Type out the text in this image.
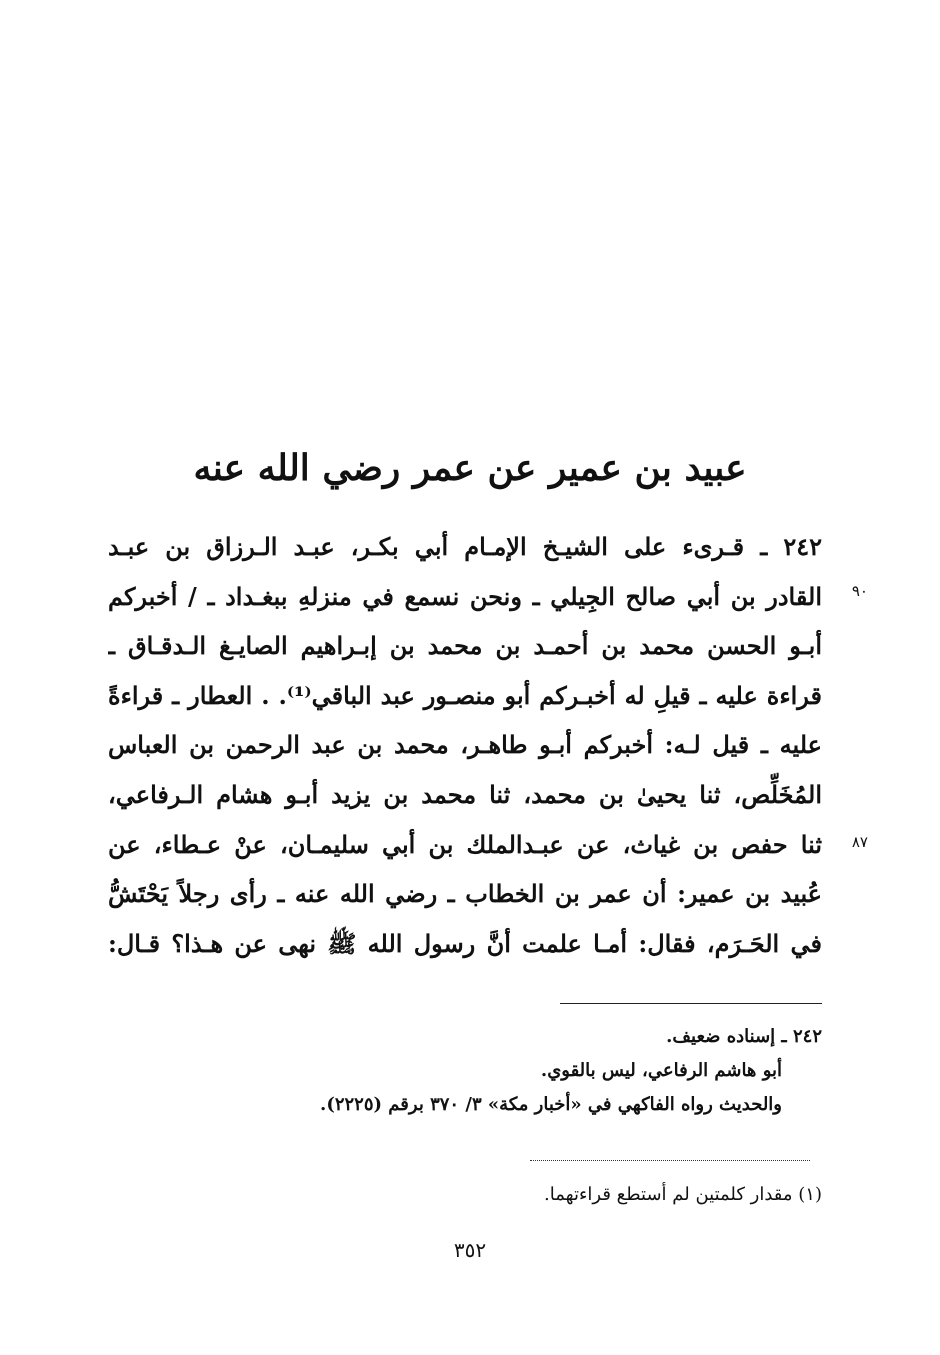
عبيد بن عمير عن عمر رضي الله عنه
٢٤٢ ـ قـرىء على الشيـخ الإمـام أبي بكـر، عبـد الـرزاق بن عبـد
القادر بن أبي صالح الجِيلي ـ ونحن نسمع في منزلهِ ببغـداد ـ / أخبركم
أبـو الحسن محمد بن أحمـد بن محمد بن إبـراهيم الصايـغ الـدقـاق ـ
قراءة عليه ـ قيلِ له أخبـركم أبو منصـور عبد الباقي⁽¹⁾. . العطار ـ قراءةً
عليه ـ قيل لـه: أخبركم أبـو طاهـر، محمد بن عبد الرحمن بن العباس
المُخَلِّص، ثنا يحيىٰ بن محمد، ثنا محمد بن يزيد أبـو هشام الـرفاعي،
ثنا حفص بن غياث، عن عبـدالملك بن أبي سليمـان، عنْ عـطاء، عن
عُبيد بن عمير: أن عمر بن الخطاب ـ رضي الله عنه ـ رأى رجلاً يَحْتَشُّ
في الحَـرَم، فقال: أمـا علمت أنَّ رسول الله ﷺ نهى عن هـذا؟ قـال:
٩٠
٨٧
٢٤٢ ـ إسناده ضعيف.
أبو هاشم الرفاعي، ليس بالقوي.
والحديث رواه الفاكهي في «أخبار مكة» ٣/ ٣٧٠ برقم (٢٢٢٥).
(١) مقدار كلمتين لم أستطع قراءتهما.
٣٥٢
